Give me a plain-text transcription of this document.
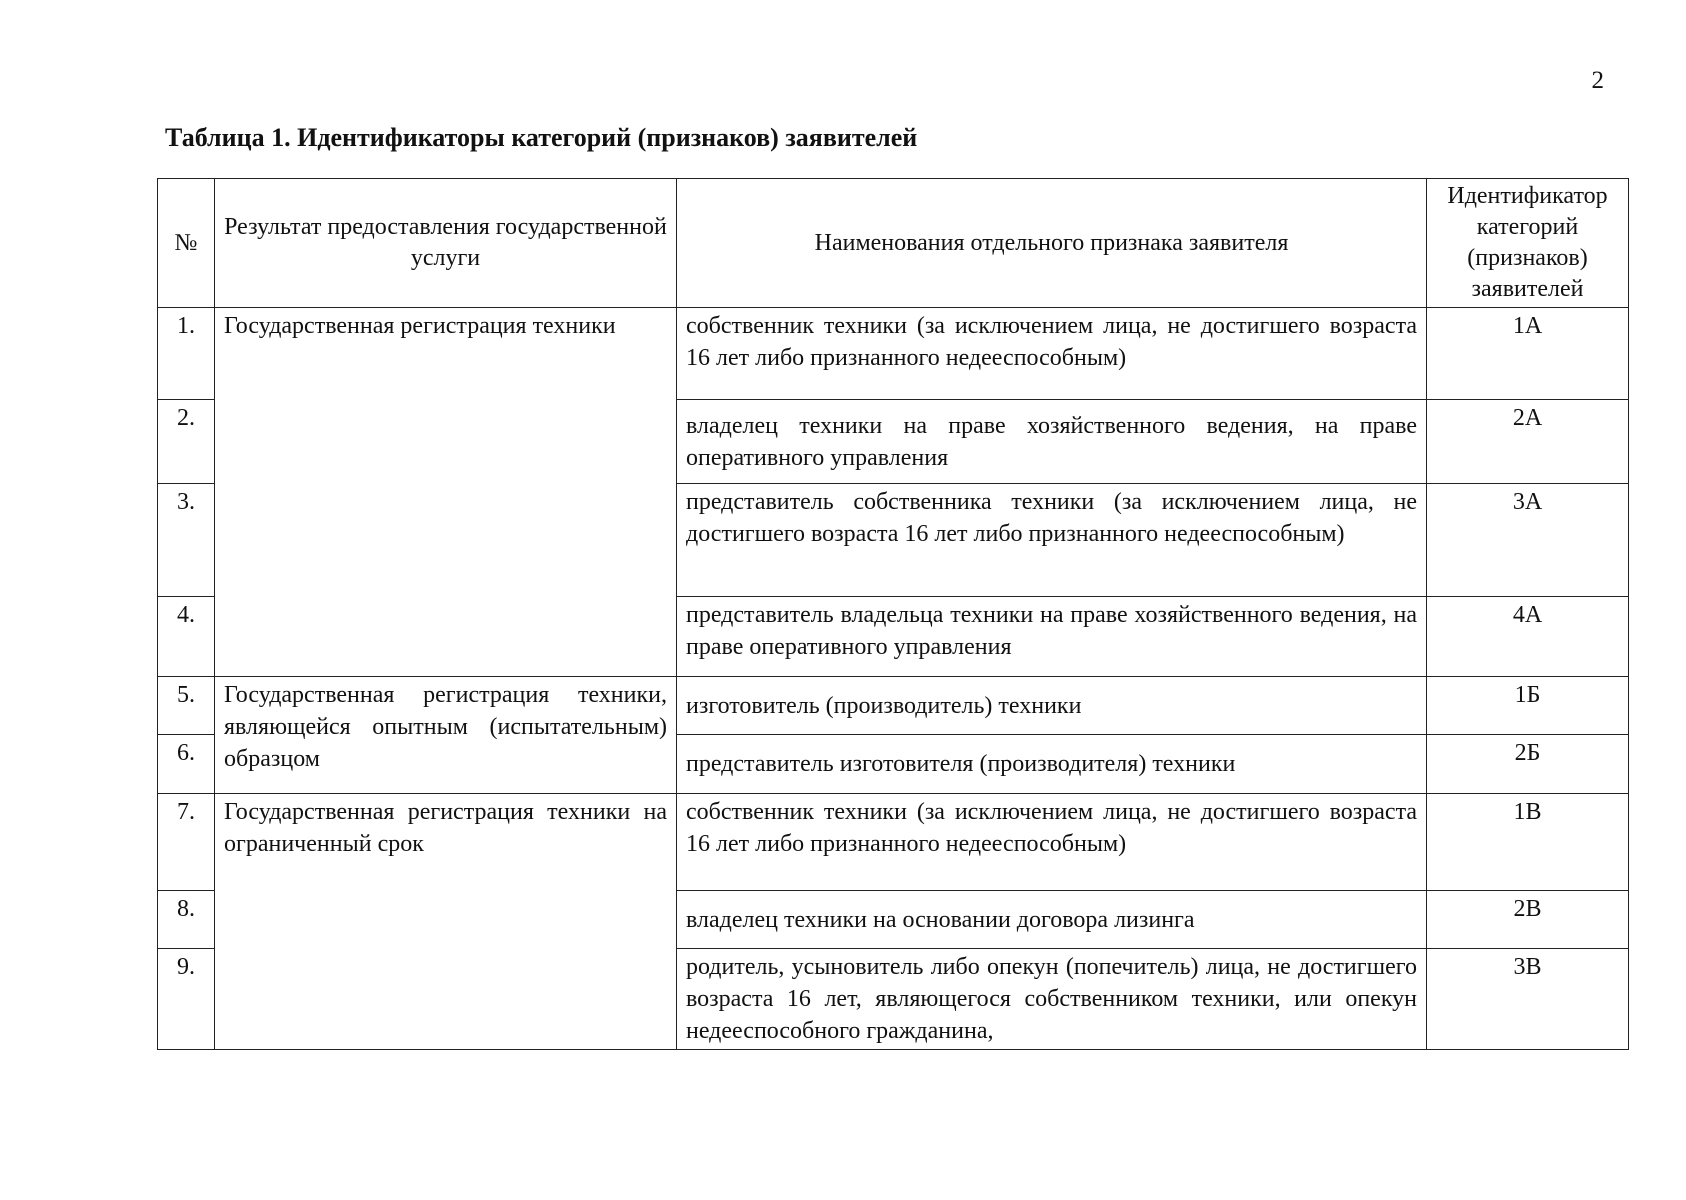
2
Таблица 1. Идентификаторы категорий (признаков) заявителей
№	Результат предоставления государственной услуги	Наименования отдельного признака заявителя	Идентификатор категорий (признаков) заявителей
1.	Государственная регистрация техники	собственник техники (за исключением лица, не достигшего возраста 16 лет либо признанного недееспособным)	1А
2.		владелец техники на праве хозяйственного ведения, на праве оперативного управления	2А
3.		представитель собственника техники (за исключением лица, не достигшего возраста 16 лет либо признанного недееспособным)	3А
4.		представитель владельца техники на праве хозяйственного ведения, на праве оперативного управления	4А
5.	Государственная регистрация техники, являющейся опытным (испытательным) образцом	изготовитель (производитель) техники	1Б
6.		представитель изготовителя (производителя) техники	2Б
7.	Государственная регистрация техники на ограниченный срок	собственник техники (за исключением лица, не достигшего возраста 16 лет либо признанного недееспособным)	1В
8.		владелец техники на основании договора лизинга	2В
9.		родитель, усыновитель либо опекун (попечитель) лица, не достигшего возраста 16 лет, являющегося собственником техники, или опекун недееспособного гражданина,	3В
